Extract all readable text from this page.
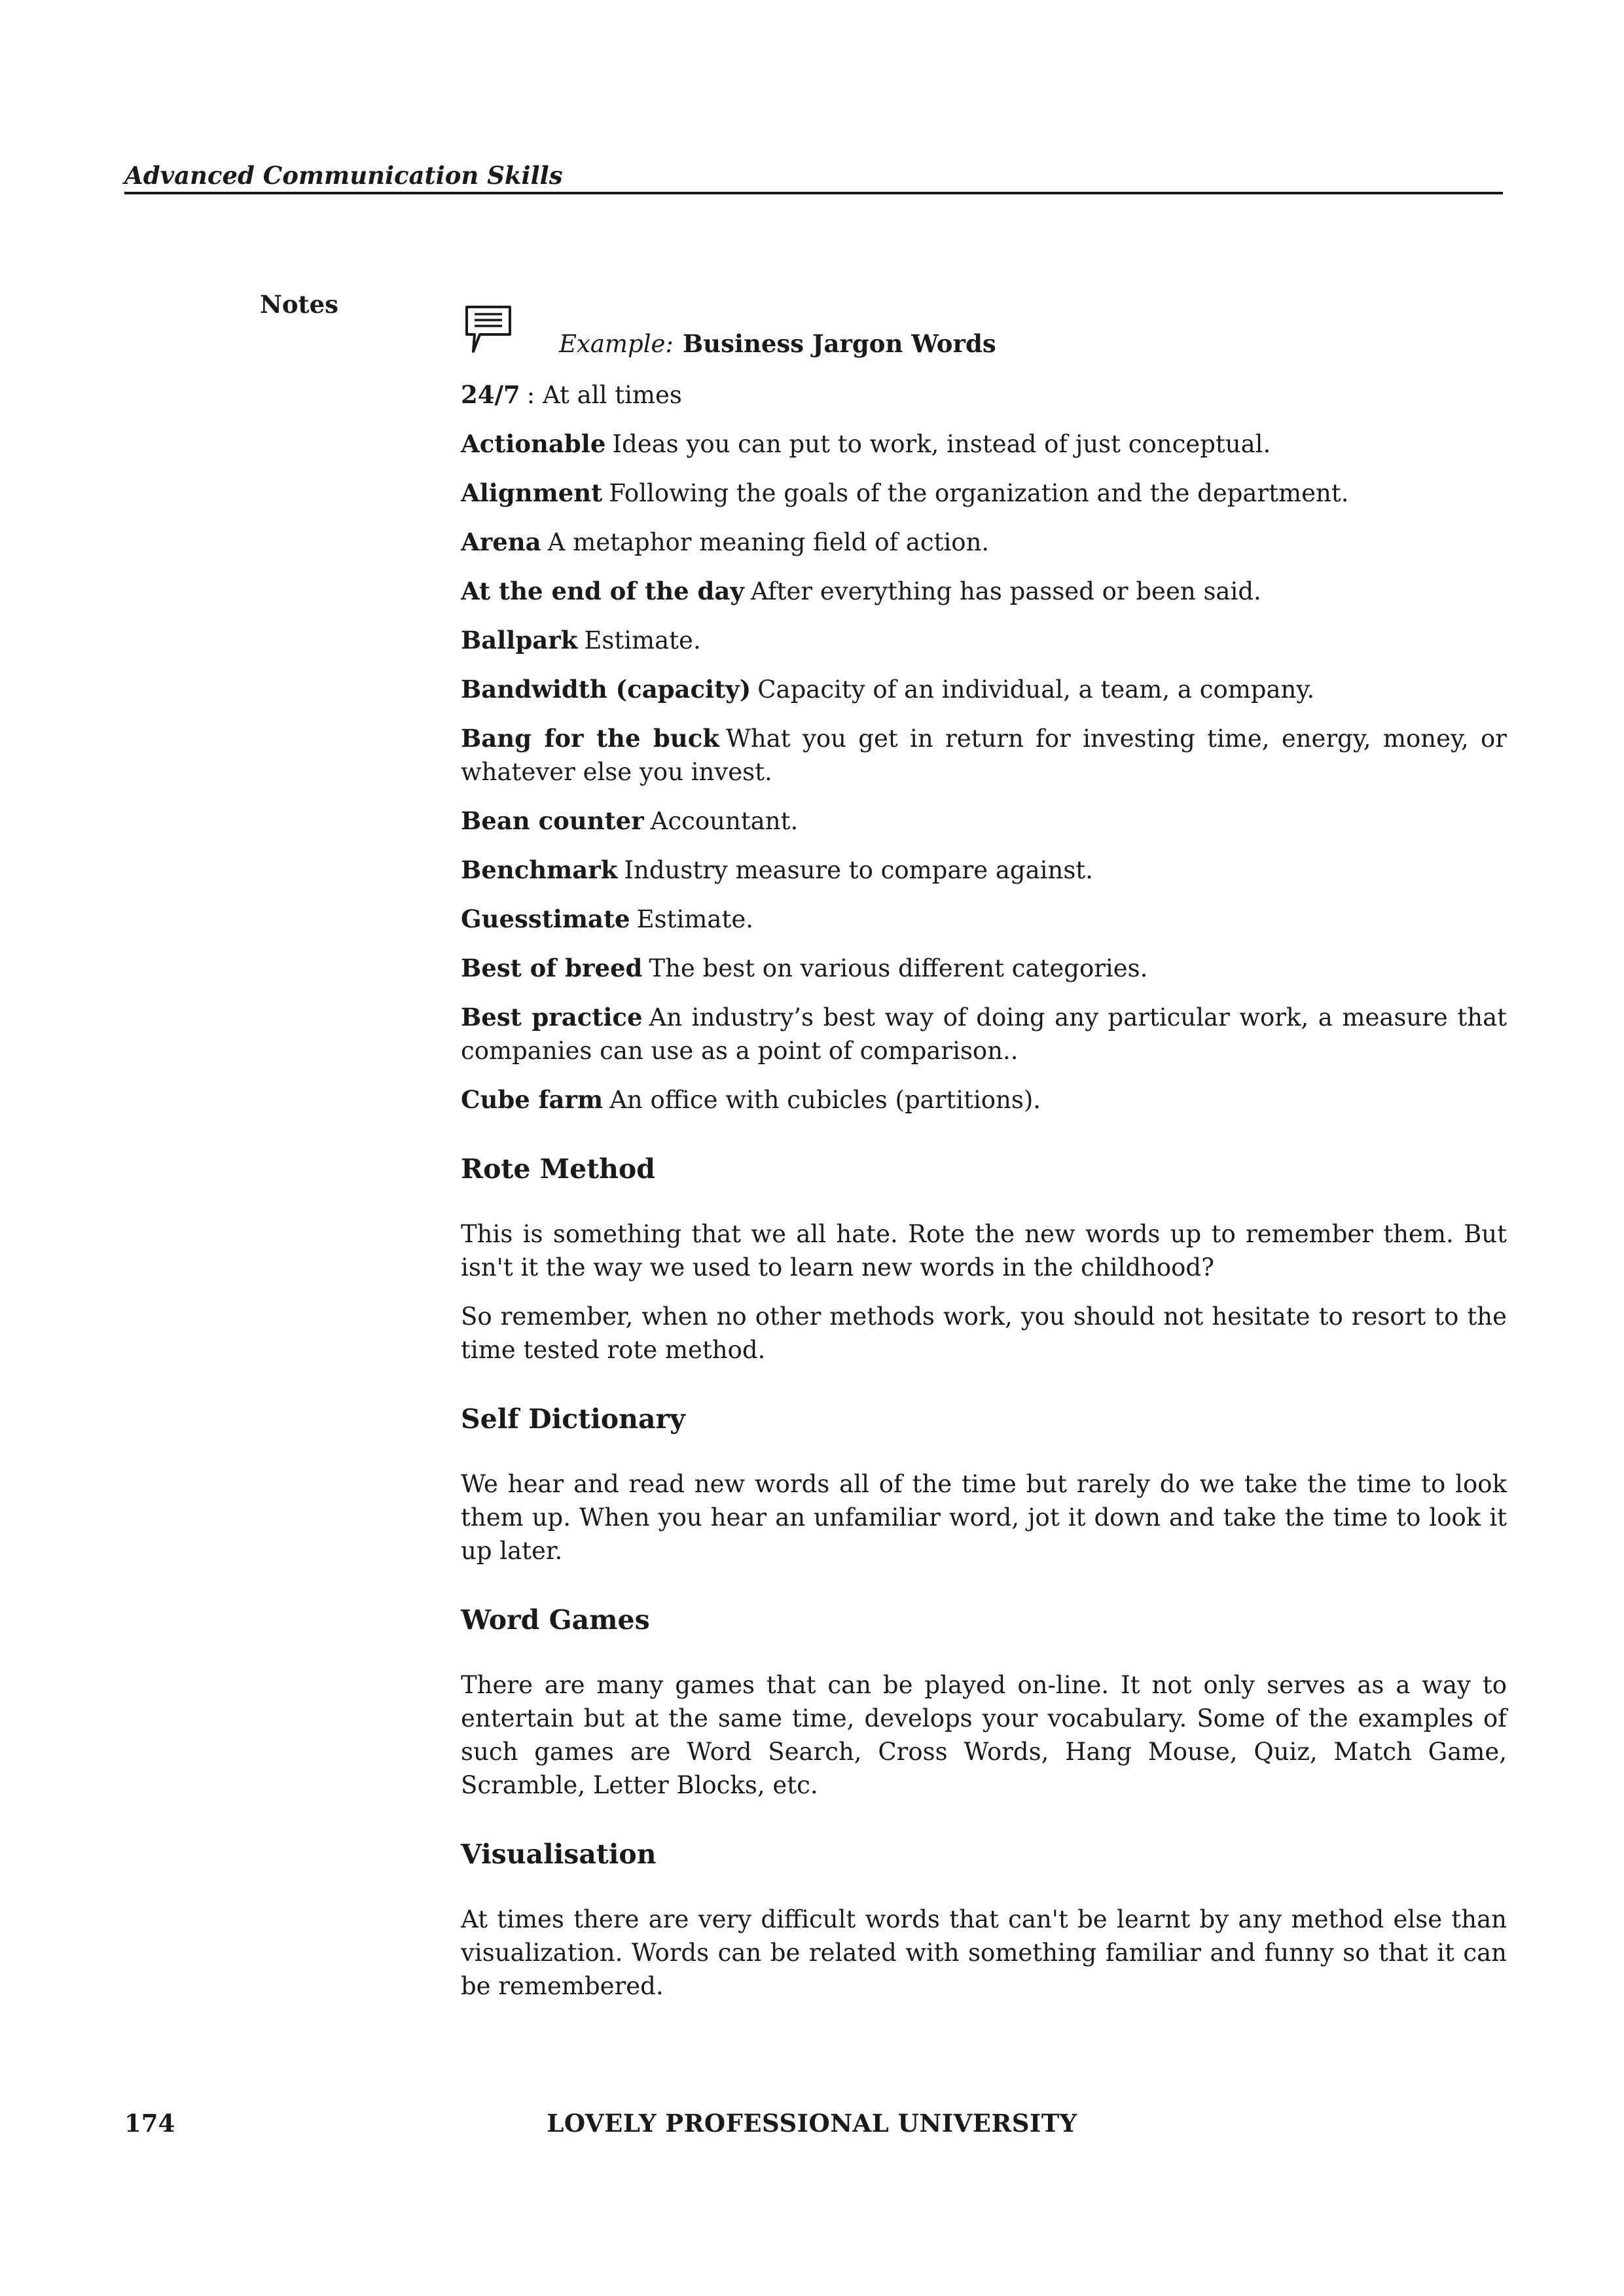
Advanced Communication Skills
Notes
Example: Business Jargon Words
24/7 : At all times
Actionable Ideas you can put to work, instead of just conceptual.
Alignment Following the goals of the organization and the department.
Arena A metaphor meaning field of action.
At the end of the day After everything has passed or been said.
Ballpark Estimate.
Bandwidth (capacity) Capacity of an individual, a team, a company.
Bang for the buck What you get in return for investing time, energy, money, or whatever else you invest.
Bean counter Accountant.
Benchmark Industry measure to compare against.
Guesstimate Estimate.
Best of breed The best on various different categories.
Best practice An industry’s best way of doing any particular work, a measure that companies can use as a point of comparison..
Cube farm An office with cubicles (partitions).
Rote Method
This is something that we all hate. Rote the new words up to remember them. But isn't it the way we used to learn new words in the childhood?
So remember, when no other methods work, you should not hesitate to resort to the time tested rote method.
Self Dictionary
We hear and read new words all of the time but rarely do we take the time to look them up. When you hear an unfamiliar word, jot it down and take the time to look it up later.
Word Games
There are many games that can be played on-line. It not only serves as a way to entertain but at the same time, develops your vocabulary. Some of the examples of such games are Word Search, Cross Words, Hang Mouse, Quiz, Match Game, Scramble, Letter Blocks, etc.
Visualisation
At times there are very difficult words that can't be learnt by any method else than visualization. Words can be related with something familiar and funny so that it can be remembered.
LOVELY PROFESSIONAL UNIVERSITY
174
